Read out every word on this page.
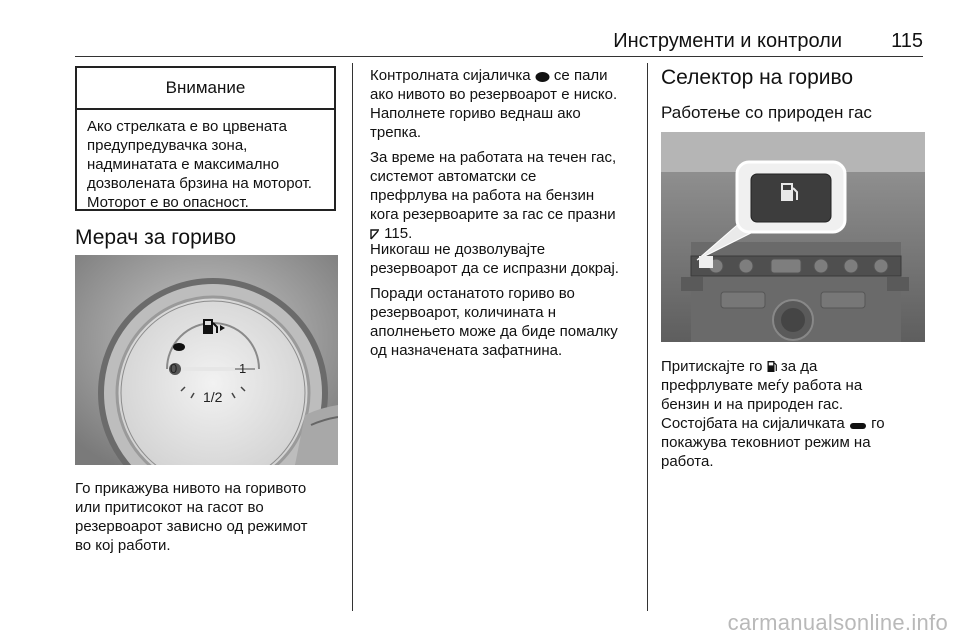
Инструменти и контроли 115
Внимание
Ако стрелката е во црвената
предупредувачка зона,
надминатата е максимално
дозволената брзина на моторот.
Моторот е во опасност.
Мерач за гориво
0	1
1/2

Го прикажува нивото на горивото
или притисокот на гасот во
резервоарот зависно од режимот
во кој работи.

Контролната сијаличка  се пали
ако нивото во резервоарот е ниско.
Наполнете гориво веднаш ако
трепка.

За време на работата на течен гас,
системот автоматски се
префрлува на работа на бензин
кога резервоарите за гас се празни
115.

Никогаш не дозволувајте
резервоарот да се испразни докрај.

Поради останатото гориво во
резервоарот, количината н
аполнењето може да биде помалку
од назначената зафатнина.

Селектор на гориво
Работење со природен гас

Притискајте го  за да
префрлувате меѓу работа на
бензин и на природен гас.

Состојбата на сијаличката  го
покажува тековниот режим на
работа.

carmanualsonline.info
